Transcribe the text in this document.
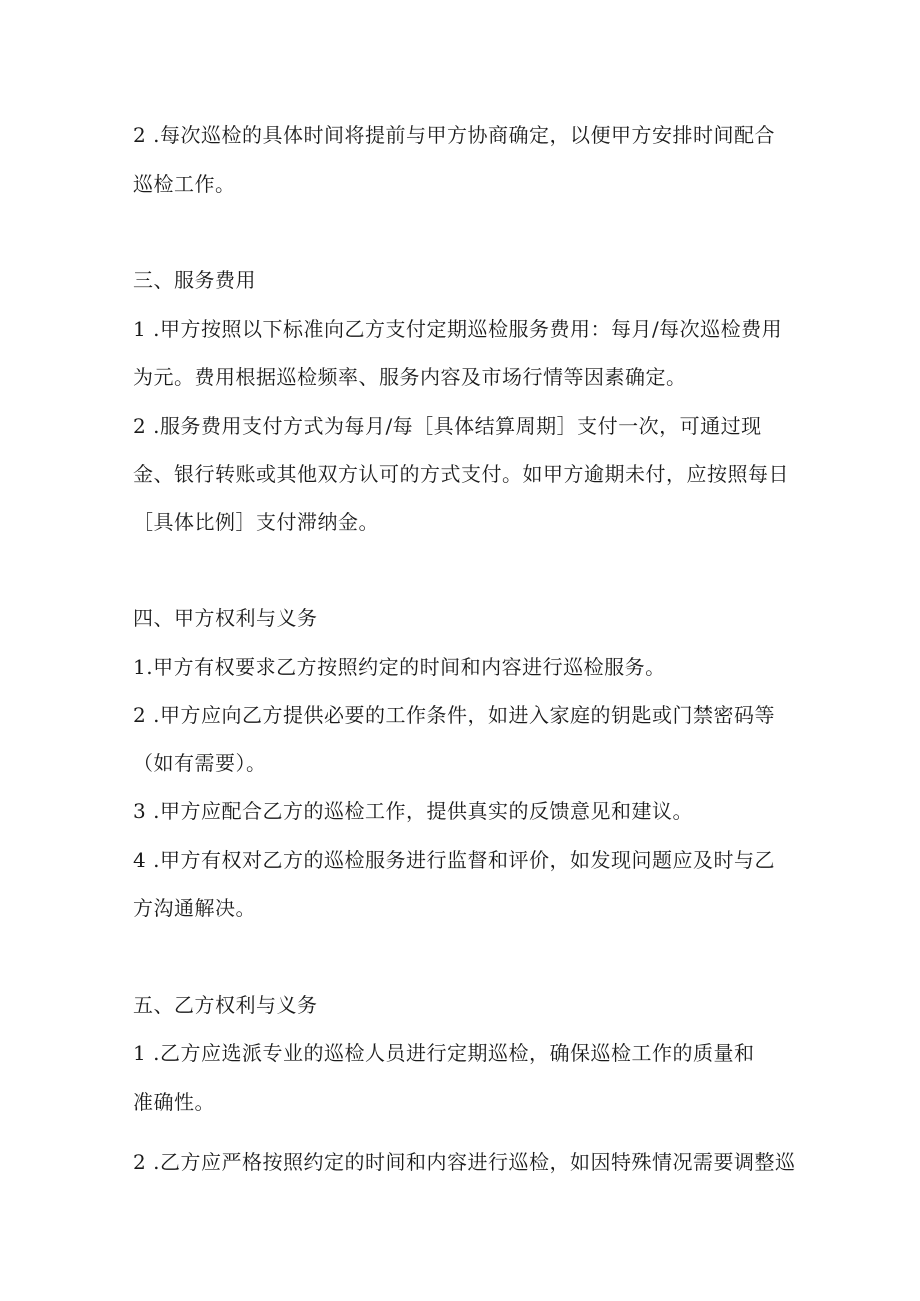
2 .每次巡检的具体时间将提前与甲方协商确定，以便甲方安排时间配合
巡检工作。
三、服务费用
1 .甲方按照以下标准向乙方支付定期巡检服务费用：每月/每次巡检费用
为元。费用根据巡检频率、服务内容及市场行情等因素确定。
2 .服务费用支付方式为每月/每［具体结算周期］支付一次，可通过现
金、银行转账或其他双方认可的方式支付。如甲方逾期未付，应按照每日
［具体比例］支付滞纳金。
四、甲方权利与义务
1.甲方有权要求乙方按照约定的时间和内容进行巡检服务。
2 .甲方应向乙方提供必要的工作条件，如进入家庭的钥匙或门禁密码等
（如有需要）。
3 .甲方应配合乙方的巡检工作，提供真实的反馈意见和建议。
4 .甲方有权对乙方的巡检服务进行监督和评价，如发现问题应及时与乙
方沟通解决。
五、乙方权利与义务
1 .乙方应选派专业的巡检人员进行定期巡检，确保巡检工作的质量和
准确性。
2 .乙方应严格按照约定的时间和内容进行巡检，如因特殊情况需要调整巡
